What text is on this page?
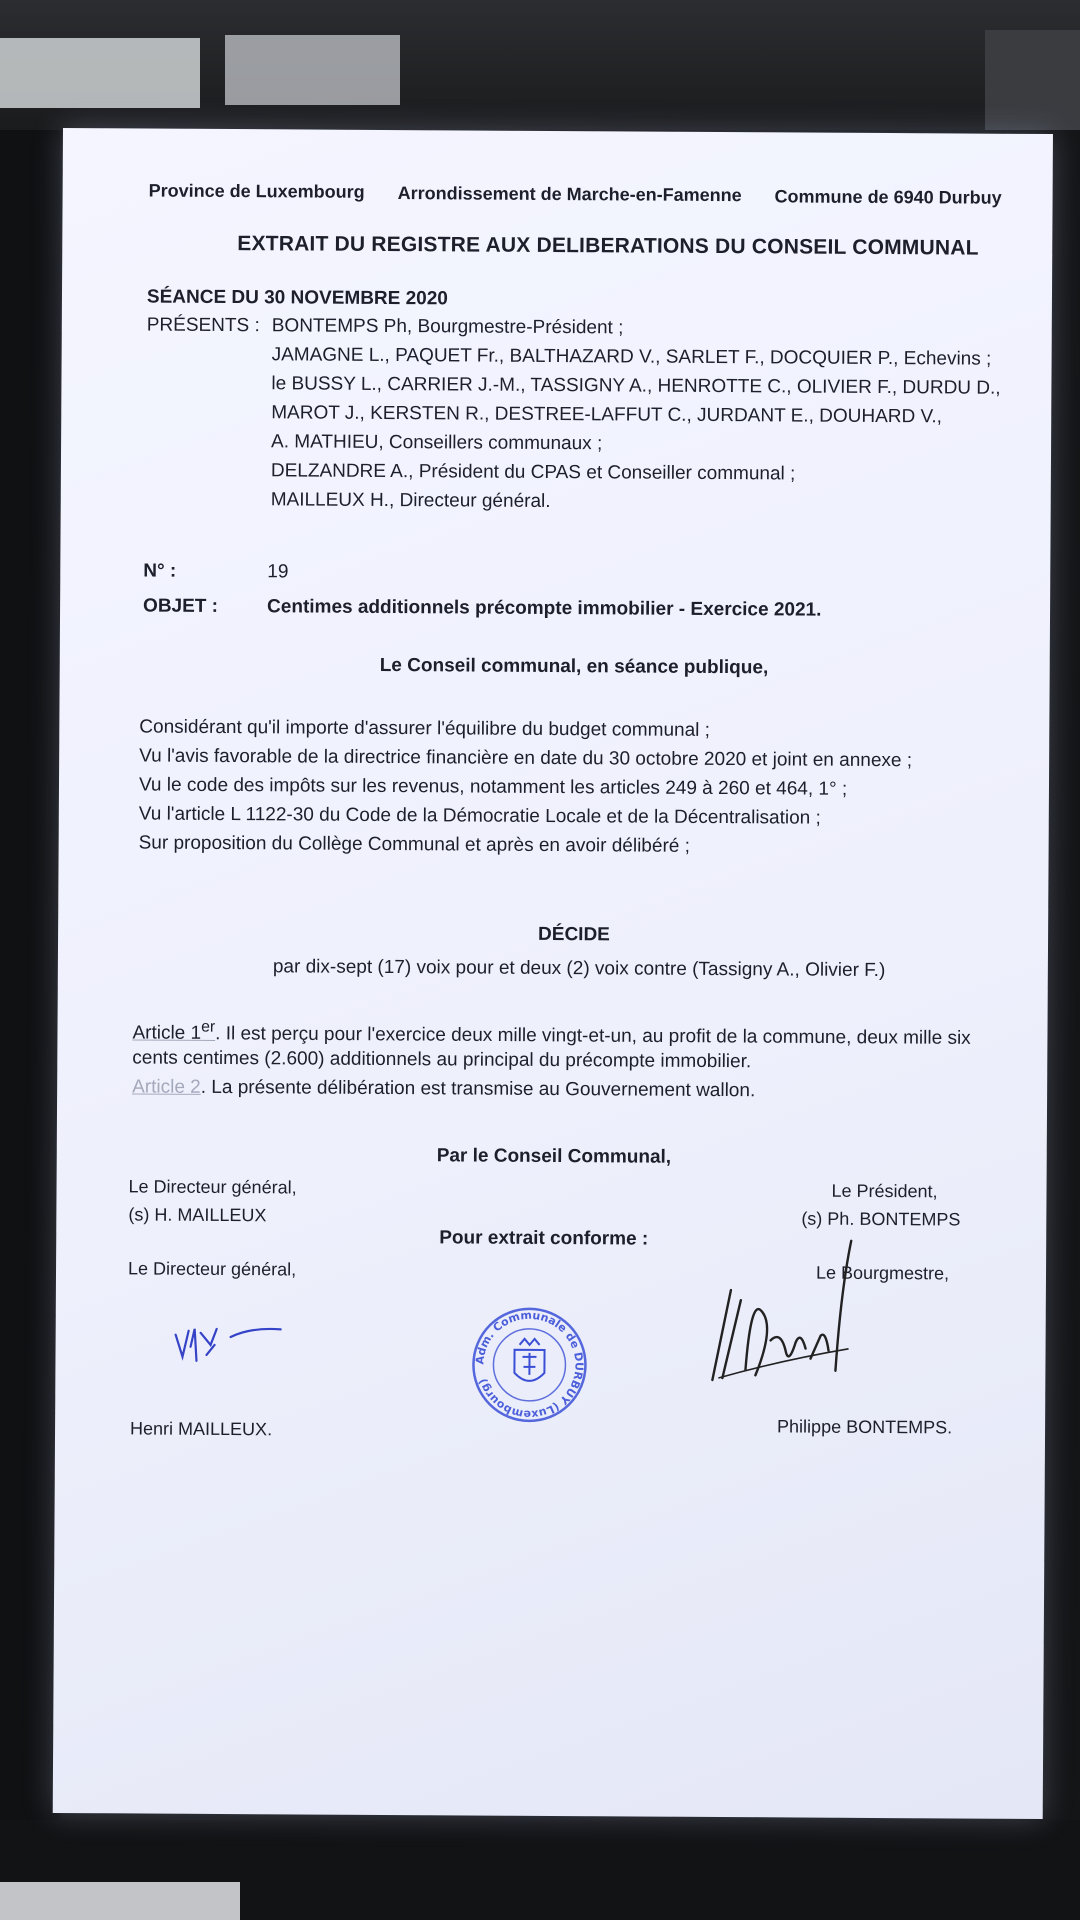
Province de Luxembourg Arrondissement de Marche-en-Famenne Commune de 6940 Durbuy
EXTRAIT DU REGISTRE AUX DELIBERATIONS DU CONSEIL COMMUNAL
SÉANCE DU 30 NOVEMBRE 2020
PRÉSENTS : BONTEMPS Ph, Bourgmestre-Président ;
JAMAGNE L., PAQUET Fr., BALTHAZARD V., SARLET F., DOCQUIER P., Echevins ;
le BUSSY L., CARRIER J.-M., TASSIGNY A., HENROTTE C., OLIVIER F., DURDU D.,
MAROT J., KERSTEN R., DESTREE-LAFFUT C., JURDANT E., DOUHARD V.,
A. MATHIEU, Conseillers communaux ;
DELZANDRE A., Président du CPAS et Conseiller communal ;
MAILLEUX H., Directeur général.
N° :	19
OBJET :	Centimes additionnels précompte immobilier - Exercice 2021.
Le Conseil communal, en séance publique,
Considérant qu'il importe d'assurer l'équilibre du budget communal ;
Vu l'avis favorable de la directrice financière en date du 30 octobre 2020 et joint en annexe ;
Vu le code des impôts sur les revenus, notamment les articles 249 à 260 et 464, 1° ;
Vu l'article L 1122-30 du Code de la Démocratie Locale et de la Décentralisation ;
Sur proposition du Collège Communal et après en avoir délibéré ;
DÉCIDE
par dix-sept (17) voix pour et deux (2) voix contre (Tassigny A., Olivier F.)
Article 1er. Il est perçu pour l'exercice deux mille vingt-et-un, au profit de la commune, deux mille six
cents centimes (2.600) additionnels au principal du précompte immobilier.
Article 2. La présente délibération est transmise au Gouvernement wallon.
Par le Conseil Communal,
Le Directeur général,
(s) H. MAILLEUX
Le Président,
(s) Ph. BONTEMPS
Pour extrait conforme :
Le Directeur général,	Le Bourgmestre,
Adm. Communale de DURBUY (Luxembourg)
Henri MAILLEUX.	Philippe BONTEMPS.
